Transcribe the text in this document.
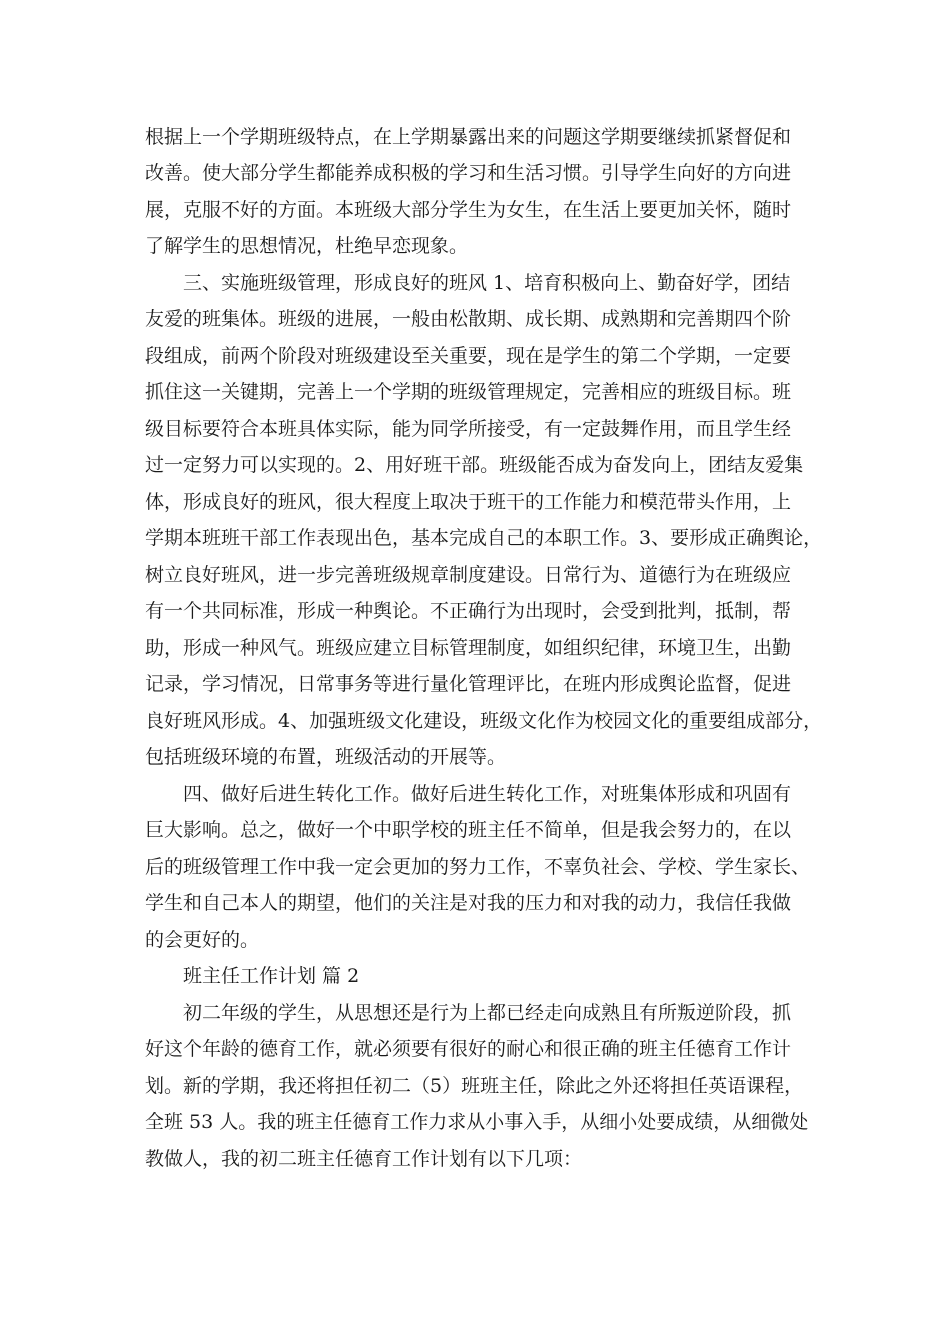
根据上一个学期班级特点，在上学期暴露出来的问题这学期要继续抓紧督促和
改善。使大部分学生都能养成积极的学习和生活习惯。引导学生向好的方向进
展，克服不好的方面。本班级大部分学生为女生，在生活上要更加关怀，随时
了解学生的思想情况，杜绝早恋现象。
三、实施班级管理，形成良好的班风 1、培育积极向上、勤奋好学，团结
友爱的班集体。班级的进展，一般由松散期、成长期、成熟期和完善期四个阶
段组成，前两个阶段对班级建设至关重要，现在是学生的第二个学期，一定要
抓住这一关键期，完善上一个学期的班级管理规定，完善相应的班级目标。班
级目标要符合本班具体实际，能为同学所接受，有一定鼓舞作用，而且学生经
过一定努力可以实现的。2、用好班干部。班级能否成为奋发向上，团结友爱集
体，形成良好的班风，很大程度上取决于班干的工作能力和模范带头作用，上
学期本班班干部工作表现出色，基本完成自己的本职工作。3、要形成正确舆论，
树立良好班风，进一步完善班级规章制度建设。日常行为、道德行为在班级应
有一个共同标准，形成一种舆论。不正确行为出现时，会受到批判，抵制，帮
助，形成一种风气。班级应建立目标管理制度，如组织纪律，环境卫生，出勤
记录，学习情况，日常事务等进行量化管理评比，在班内形成舆论监督，促进
良好班风形成。4、加强班级文化建设，班级文化作为校园文化的重要组成部分，
包括班级环境的布置，班级活动的开展等。
四、做好后进生转化工作。做好后进生转化工作，对班集体形成和巩固有
巨大影响。总之，做好一个中职学校的班主任不简单，但是我会努力的，在以
后的班级管理工作中我一定会更加的努力工作，不辜负社会、学校、学生家长、
学生和自己本人的期望，他们的关注是对我的压力和对我的动力，我信任我做
的会更好的。
班主任工作计划 篇 2
初二年级的学生，从思想还是行为上都已经走向成熟且有所叛逆阶段，抓
好这个年龄的德育工作，就必须要有很好的耐心和很正确的班主任德育工作计
划。新的学期，我还将担任初二（5）班班主任，除此之外还将担任英语课程，
全班 53 人。我的班主任德育工作力求从小事入手，从细小处要成绩，从细微处
教做人，我的初二班主任德育工作计划有以下几项：
